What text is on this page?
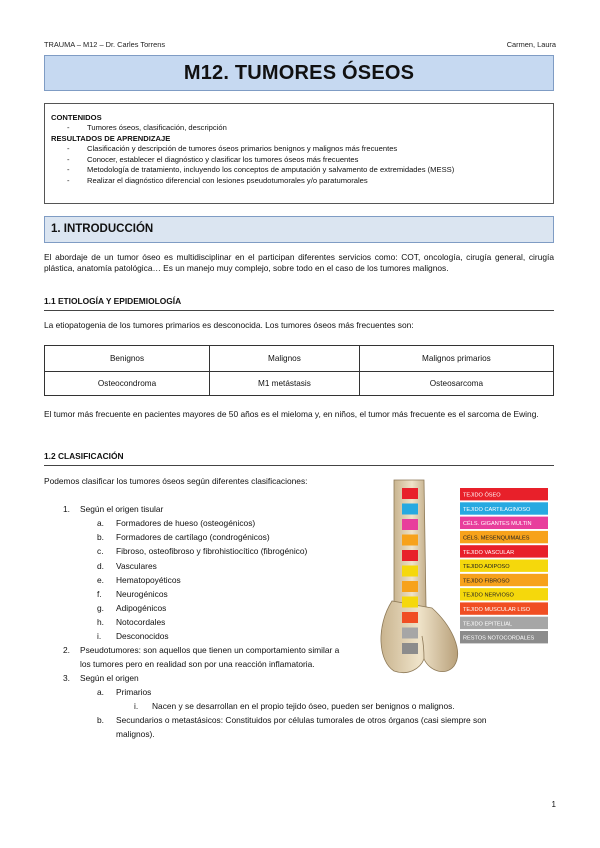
TRAUMA – M12 – Dr. Carles Torrens	Carmen, Laura
M12. TUMORES ÓSEOS
CONTENIDOS
- Tumores óseos, clasificación, descripción
RESULTADOS DE APRENDIZAJE
- Clasificación y descripción de tumores óseos primarios benignos y malignos más frecuentes
- Conocer, establecer el diagnóstico y clasificar los tumores óseos más frecuentes
- Metodología de tratamiento, incluyendo los conceptos de amputación y salvamento de extremidades (MESS)
- Realizar el diagnóstico diferencial con lesiones pseudotumorales y/o paratumorales
1. INTRODUCCIÓN
El abordaje de un tumor óseo es multidisciplinar en el participan diferentes servicios como: COT, oncología, cirugía general, cirugía plástica, anatomía patológica… Es un manejo muy complejo, sobre todo en el caso de los tumores malignos.
1.1 ETIOLOGÍA Y EPIDEMIOLOGÍA
La etiopatogenia de los tumores primarios es desconocida. Los tumores óseos más frecuentes son:
Benignos	Malignos	Malignos primarios
Osteocondroma	M1 metástasis	Osteosarcoma
El tumor más frecuente en pacientes mayores de 50 años es el mieloma y, en niños, el tumor más frecuente es el sarcoma de Ewing.
1.2 CLASIFICACIÓN
Podemos clasificar los tumores óseos según diferentes clasificaciones:
1. Según el origen tisular
a. Formadores de hueso (osteogénicos)
b. Formadores de cartílago (condrogénicos)
c. Fibroso, osteofibroso y fibrohistiocítico (fibrogénico)
d. Vasculares
e. Hematopoyéticos
f. Neurogénicos
g. Adipogénicos
h. Notocordales
i. Desconocidos
2. Pseudotumores: son aquellos que tienen un comportamiento similar a
los tumores pero en realidad son por una reacción inflamatoria.
3. Según el origen
a. Primarios
i. Nacen y se desarrollan en el propio tejido óseo, pueden ser benignos o malignos.
b. Secundarios o metastásicos: Constituidos por células tumorales de otros órganos (casi siempre son
malignos).
TEJIDO ÓSEO
TEJIDO CARTILAGINOSO
CÉLS. GIGANTES MULTIN
CÉLS. MESENQUIMALES
TEJIDO VASCULAR
TEJIDO ADIPOSO
TEJIDO FIBROSO
TEJIDO NERVIOSO
TEJIDO MUSCULAR LISO
TEJIDO EPITELIAL
RESTOS NOTOCORDALES
1
